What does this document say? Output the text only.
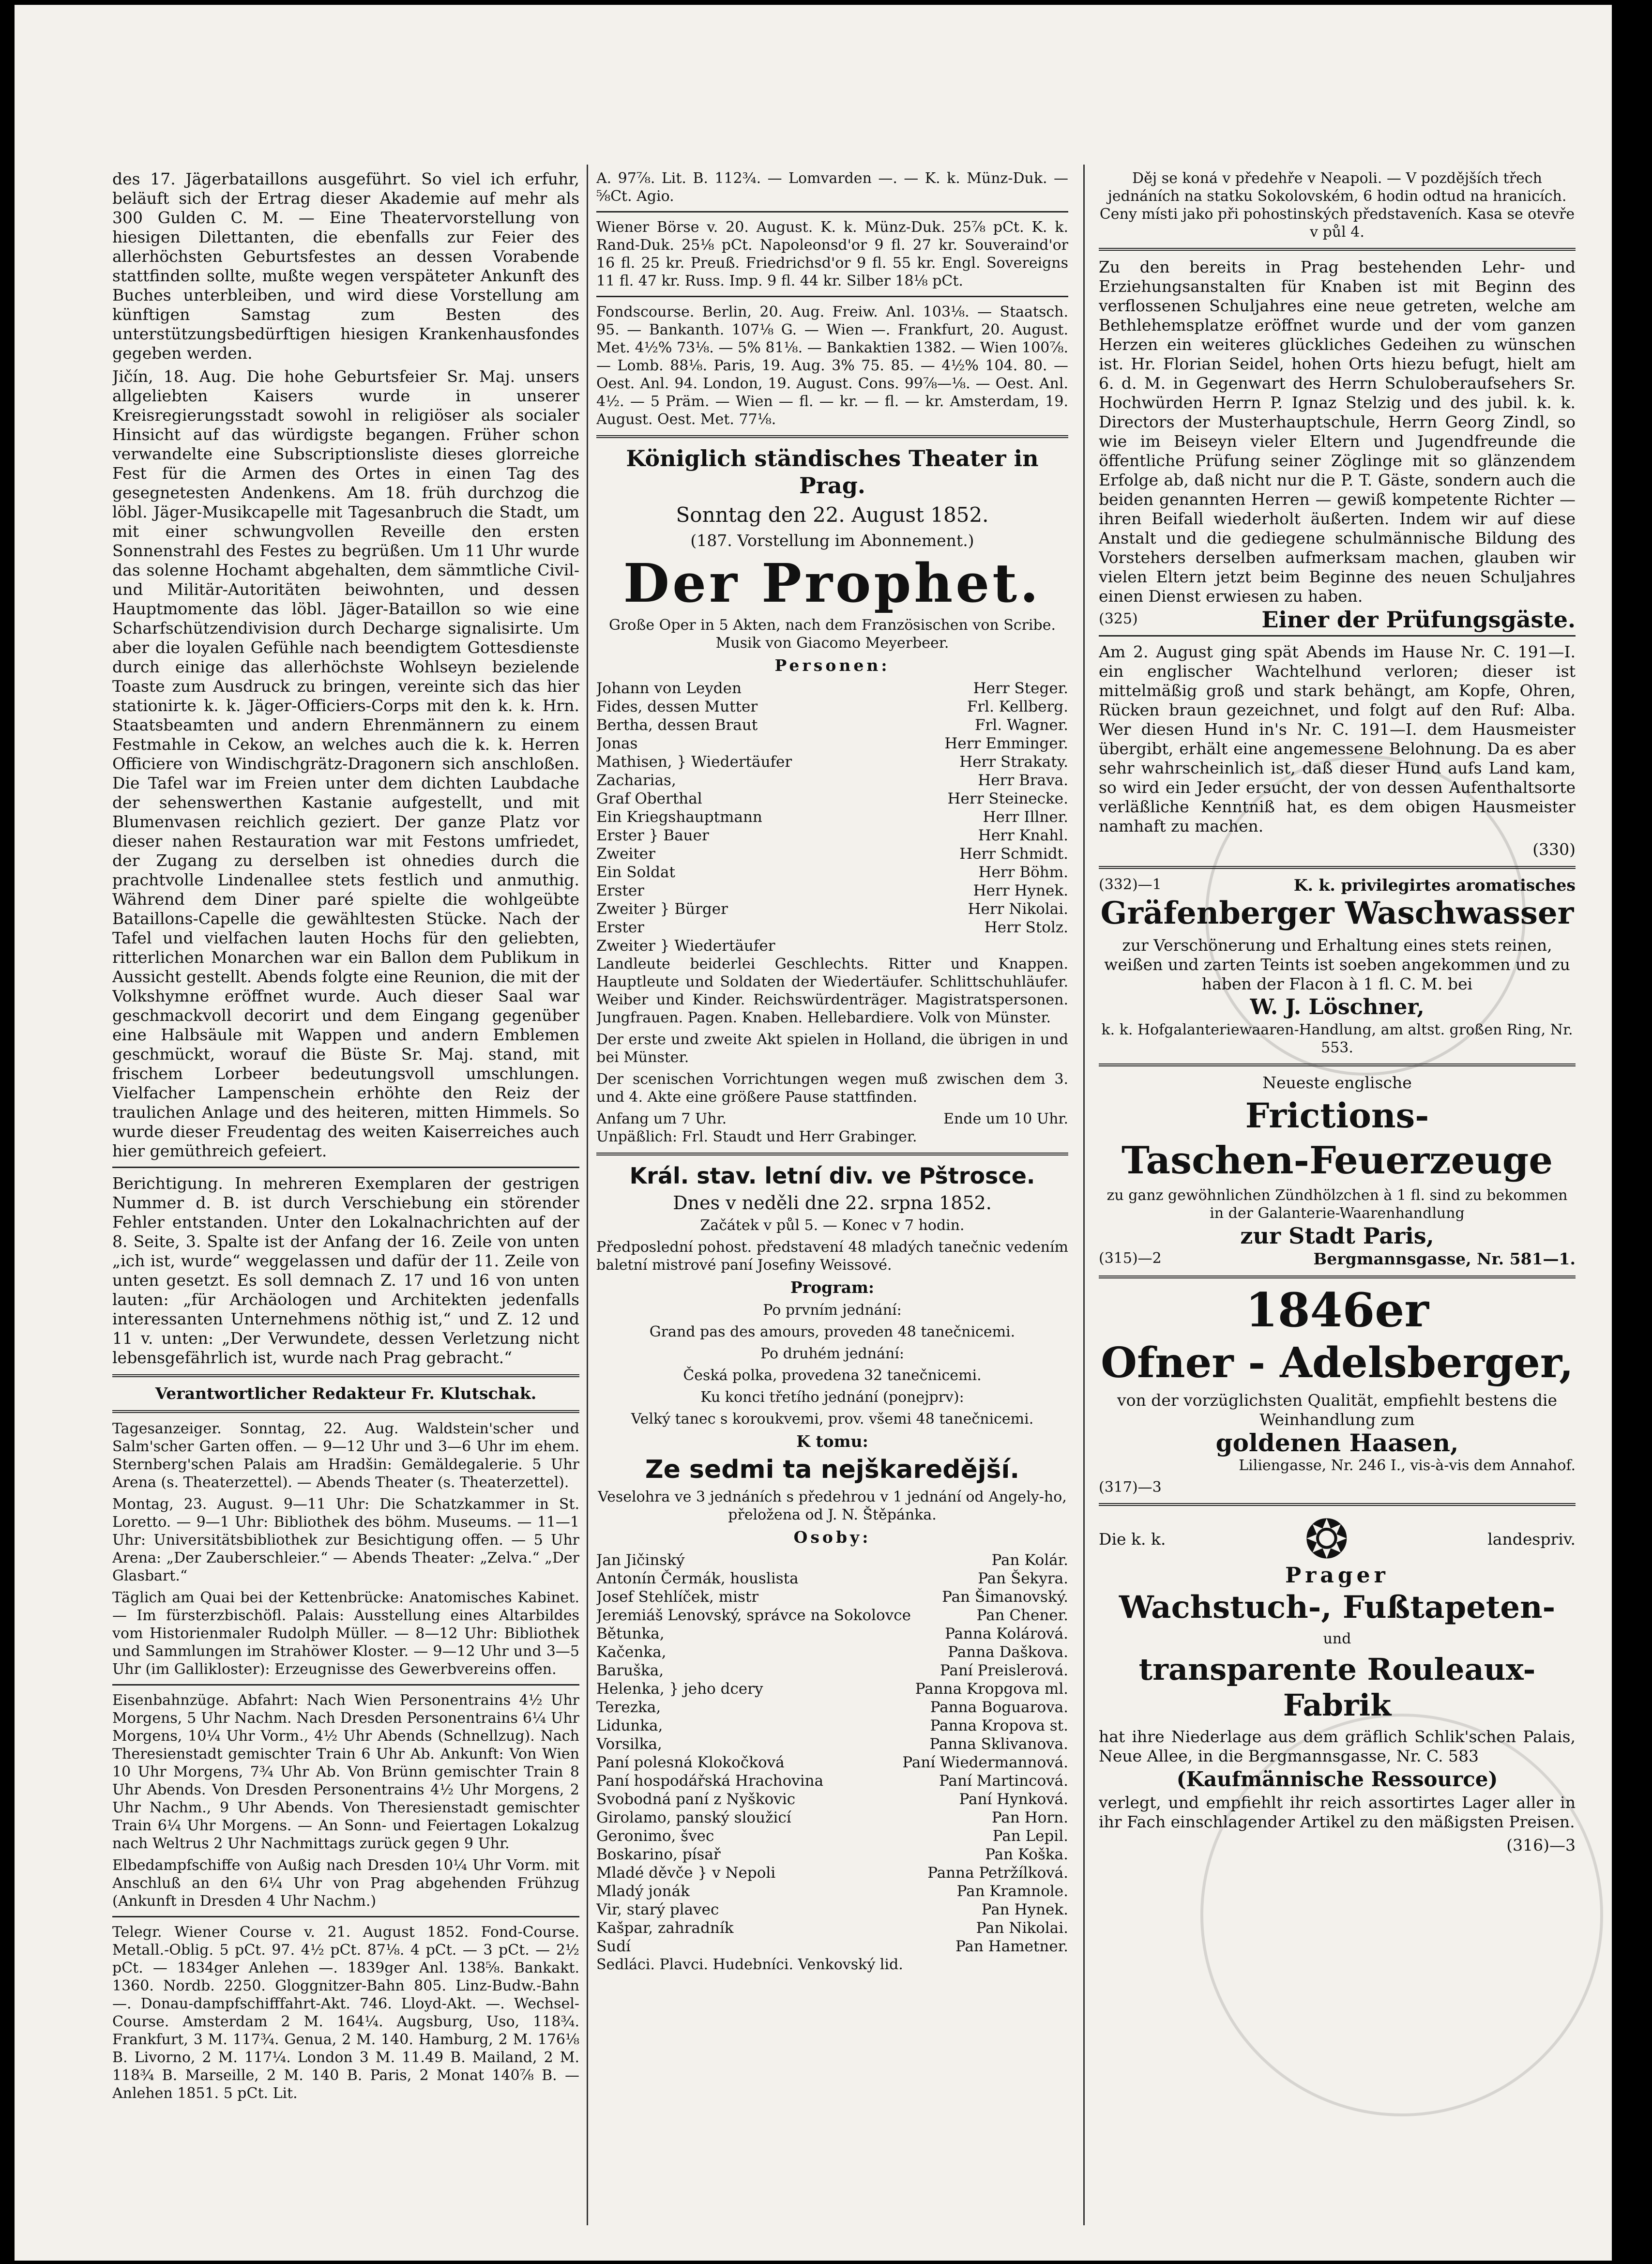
des 17. Jägerbataillons ausgeführt. So viel ich erfuhr, beläuft sich der Ertrag dieser Akademie auf mehr als 300 Gulden C. M. — Eine Theatervorstellung von hiesigen Dilettanten, die ebenfalls zur Feier des allerhöchsten Geburtsfestes an dessen Vorabende stattfinden sollte, mußte wegen verspäteter Ankunft des Buches unterbleiben, und wird diese Vorstellung am künftigen Samstag zum Besten des unterstützungsbedürftigen hiesigen Krankenhausfondes gegeben werden.

Jičín, 18. Aug. Die hohe Geburtsfeier Sr. Maj. unsers allgeliebten Kaisers wurde in unserer Kreisregierungsstadt sowohl in religiöser als socialer Hinsicht auf das würdigste begangen. Früher schon verwandelte eine Subscriptionsliste dieses glorreiche Fest für die Armen des Ortes in einen Tag des gesegnetesten Andenkens. Am 18. früh durchzog die löbl. Jäger-Musikcapelle mit Tagesanbruch die Stadt, um mit einer schwungvollen Reveille den ersten Sonnenstrahl des Festes zu begrüßen. Um 11 Uhr wurde das solenne Hochamt abgehalten, dem sämmtliche Civil- und Militär-Autoritäten beiwohnten, und dessen Hauptmomente das löbl. Jäger-Bataillon so wie eine Scharfschützendivision durch Decharge signalisirte. Um aber die loyalen Gefühle nach beendigtem Gottesdienste durch einige das allerhöchste Wohlseyn bezielende Toaste zum Ausdruck zu bringen, vereinte sich das hier stationirte k. k. Jäger-Officiers-Corps mit den k. k. Hrn. Staatsbeamten und andern Ehrenmännern zu einem Festmahle in Cekow, an welches auch die k. k. Herren Officiere von Windischgrätz-Dragonern sich anschloßen. Die Tafel war im Freien unter dem dichten Laubdache der sehenswerthen Kastanie aufgestellt, und mit Blumenvasen reichlich geziert. Der ganze Platz vor dieser nahen Restauration war mit Festons umfriedet, der Zugang zu derselben ist ohnedies durch die prachtvolle Lindenallee stets festlich und anmuthig. Während dem Diner paré spielte die wohlgeübte Bataillons-Capelle die gewähltesten Stücke. Nach der Tafel und vielfachen lauten Hochs für den geliebten, ritterlichen Monarchen war ein Ballon dem Publikum in Aussicht gestellt. Abends folgte eine Reunion, die mit der Volkshymne eröffnet wurde. Auch dieser Saal war geschmackvoll decorirt und dem Eingang gegenüber eine Halbsäule mit Wappen und andern Emblemen geschmückt, worauf die Büste Sr. Maj. stand, mit frischem Lorbeer bedeutungsvoll umschlungen. Vielfacher Lampenschein erhöhte den Reiz der traulichen Anlage und des heiteren, mitten Himmels. So wurde dieser Freudentag des weiten Kaiserreiches auch hier gemüthreich gefeiert.

Berichtigung. In mehreren Exemplaren der gestrigen Nummer d. B. ist durch Verschiebung ein störender Fehler entstanden. Unter den Lokalnachrichten auf der 8. Seite, 3. Spalte ist der Anfang der 16. Zeile von unten „ich ist, wurde“ weggelassen und dafür der 11. Zeile von unten gesetzt. Es soll demnach Z. 17 und 16 von unten lauten: „für Archäologen und Architekten jedenfalls interessanten Unternehmens nöthig ist,“ und Z. 12 und 11 v. unten: „Der Verwundete, dessen Verletzung nicht lebensgefährlich ist, wurde nach Prag gebracht.“

Verantwortlicher Redakteur Fr. Klutschak.

Tagesanzeiger. Sonntag, 22. Aug. Waldstein'scher und Salm'scher Garten offen. — 9—12 Uhr und 3—6 Uhr im ehem. Sternberg'schen Palais am Hradšin: Gemäldegalerie. 5 Uhr Arena (s. Theaterzettel). — Abends Theater (s. Theaterzettel).

Montag, 23. August. 9—11 Uhr: Die Schatzkammer in St. Loretto. — 9—1 Uhr: Bibliothek des böhm. Museums. — 11—1 Uhr: Universitätsbibliothek zur Besichtigung offen. — 5 Uhr Arena: „Der Zauberschleier.“ — Abends Theater: „Zelva.“ „Der Glasbart.“

Täglich am Quai bei der Kettenbrücke: Anatomisches Kabinet. — Im fürsterzbischöfl. Palais: Ausstellung eines Altarbildes vom Historienmaler Rudolph Müller. — 8—12 Uhr: Bibliothek und Sammlungen im Strahöwer Kloster. — 9—12 Uhr und 3—5 Uhr (im Gallikloster): Erzeugnisse des Gewerbvereins offen.

Eisenbahnzüge. Abfahrt: Nach Wien Personentrains 4½ Uhr Morgens, 5 Uhr Nachm. Nach Dresden Personentrains 6¼ Uhr Morgens, 10¼ Uhr Vorm., 4½ Uhr Abends (Schnellzug). Nach Theresienstadt gemischter Train 6 Uhr Ab. Ankunft: Von Wien 10 Uhr Morgens, 7¾ Uhr Ab. Von Brünn gemischter Train 8 Uhr Abends. Von Dresden Personentrains 4½ Uhr Morgens, 2 Uhr Nachm., 9 Uhr Abends. Von Theresienstadt gemischter Train 6¼ Uhr Morgens. — An Sonn- und Feiertagen Lokalzug nach Weltrus 2 Uhr Nachmittags zurück gegen 9 Uhr.

Elbedampfschiffe von Außig nach Dresden 10¼ Uhr Vorm. mit Anschluß an den 6¼ Uhr von Prag abgehenden Frühzug (Ankunft in Dresden 4 Uhr Nachm.)

Telegr. Wiener Course v. 21. August 1852. Fond-Course. Metall.-Oblig. 5 pCt. 97. 4½ pCt. 87⅛. 4 pCt. — 3 pCt. — 2½ pCt. — 1834ger Anlehen —. 1839ger Anl. 138⅝. Bankakt. 1360. Nordb. 2250. Gloggnitzer-Bahn 805. Linz-Budw.-Bahn —. Donau-dampfschifffahrt-Akt. 746. Lloyd-Akt. —. Wechsel-Course. Amsterdam 2 M. 164¼. Augsburg, Uso, 118¾. Frankfurt, 3 M. 117¾. Genua, 2 M. 140. Hamburg, 2 M. 176⅛ B. Livorno, 2 M. 117¼. London 3 M. 11.49 B. Mailand, 2 M. 118¾ B. Marseille, 2 M. 140 B. Paris, 2 Monat 140⅞ B. — Anlehen 1851. 5 pCt. Lit.

A. 97⅞. Lit. B. 112¾. — Lomvarden —. — K. k. Münz-Duk. —⅝Ct. Agio.

Wiener Börse v. 20. August. K. k. Münz-Duk. 25⅞ pCt. K. k. Rand-Duk. 25⅛ pCt. Napoleonsd'or 9 fl. 27 kr. Souveraind'or 16 fl. 25 kr. Preuß. Friedrichsd'or 9 fl. 55 kr. Engl. Sovereigns 11 fl. 47 kr. Russ. Imp. 9 fl. 44 kr. Silber 18⅛ pCt.

Fondscourse. Berlin, 20. Aug. Freiw. Anl. 103⅛. — Staatsch. 95. — Bankanth. 107⅛ G. — Wien —. Frankfurt, 20. August. Met. 4½% 73⅛. — 5% 81⅛. — Bankaktien 1382. — Wien 100⅞. — Lomb. 88⅛. Paris, 19. Aug. 3% 75. 85. — 4½% 104. 80. — Oest. Anl. 94. London, 19. August. Cons. 99⅞—⅛. — Oest. Anl. 4½. — 5 Präm. — Wien — fl. — kr. — fl. — kr. Amsterdam, 19. August. Oest. Met. 77⅛.

Königlich ständisches Theater in Prag.

Sonntag den 22. August 1852.

(187. Vorstellung im Abonnement.)

Der Prophet.

Große Oper in 5 Akten, nach dem Französischen von Scribe. Musik von Giacomo Meyerbeer.

Personen:

Johann von Leyden	Herr Steger.
Fides, dessen Mutter	Frl. Kellberg.
Bertha, dessen Braut	Frl. Wagner.
Jonas	Herr Emminger.
Mathisen, } Wiedertäufer	Herr Strakaty.
Zacharias,	Herr Brava.
Graf Oberthal	Herr Steinecke.
Ein Kriegshauptmann	Herr Illner.
Erster } Bauer	Herr Knahl.
Zweiter	Herr Schmidt.
Ein Soldat	Herr Böhm.
Erster	Herr Hynek.
Zweiter } Bürger	Herr Nikolai.
Erster	Herr Stolz.
Zweiter } Wiedertäufer

Landleute beiderlei Geschlechts. Ritter und Knappen. Hauptleute und Soldaten der Wiedertäufer. Schlittschuhläufer. Weiber und Kinder. Reichswürdenträger. Magistratspersonen. Jungfrauen. Pagen. Knaben. Hellebardiere. Volk von Münster.

Der erste und zweite Akt spielen in Holland, die übrigen in und bei Münster.

Der scenischen Vorrichtungen wegen muß zwischen dem 3. und 4. Akte eine größere Pause stattfinden.

Anfang um 7 Uhr.	Ende um 10 Uhr.

Unpäßlich: Frl. Staudt und Herr Grabinger.

Král. stav. letní div. ve Pštrosce.

Dnes v neděli dne 22. srpna 1852.

Začátek v půl 5. — Konec v 7 hodin.

Předposlední pohost. představení 48 mladých tanečnic vedením baletní mistrové paní Josefiny Weissové.

Program:

Po prvním jednání:

Grand pas des amours, proveden 48 tanečnicemi.

Po druhém jednání:

Česká polka, provedena 32 tanečnicemi.

Ku konci třetího jednání (ponejprv):

Velký tanec s koroukvemi, prov. všemi 48 tanečnicemi.

K tomu:

Ze sedmi ta nejškaredější.

Veselohra ve 3 jednáních s předehrou v 1 jednání od Angely-ho, přeložena od J. N. Štěpánka.

Osoby:

Jan Jičinský	Pan Kolár.
Antonín Čermák, houslista	Pan Šekyra.
Josef Stehlíček, mistr	Pan Šimanovský.
Jeremiáš Lenovský, správce na Sokolovce	Pan Chener.
Bětunka,	Panna Kolárová.
Kačenka,	Panna Daškova.
Baruška,	Paní Preislerová.
Helenka, } jeho dcery	Panna Kropgova ml.
Terezka,	Panna Boguarova.
Lidunka,	Panna Kropova st.
Vorsilka,	Panna Sklivanova.
Paní polesná Klokočková	Paní Wiedermannová.
Paní hospodářská Hrachovina	Paní Martincová.
Svobodná paní z Nyškovic	Paní Hynková.
Girolamo, panský sloužicí	Pan Horn.
Geronimo, švec	Pan Lepil.
Boskarino, písař	Pan Koška.
Mladé děvče } v Nepoli	Panna Petržílková.
Mladý jonák	Pan Kramnole.
Vir, starý plavec	Pan Hynek.
Kašpar, zahradník	Pan Nikolai.
Sudí	Pan Hametner.

Sedláci. Plavci. Hudebníci. Venkovský lid.

Děj se koná v předehře v Neapoli. — V pozdějších třech jednáních na statku Sokolovském, 6 hodin odtud na hranicích. Ceny místi jako při pohostinských představeních. Kasa se otevře v půl 4.

Zu den bereits in Prag bestehenden Lehr- und Erziehungsanstalten für Knaben ist mit Beginn des verflossenen Schuljahres eine neue getreten, welche am Bethlehemsplatze eröffnet wurde und der vom ganzen Herzen ein weiteres glückliches Gedeihen zu wünschen ist. Hr. Florian Seidel, hohen Orts hiezu befugt, hielt am 6. d. M. in Gegenwart des Herrn Schuloberaufsehers Sr. Hochwürden Herrn P. Ignaz Stelzig und des jubil. k. k. Directors der Musterhauptschule, Herrn Georg Zindl, so wie im Beiseyn vieler Eltern und Jugendfreunde die öffentliche Prüfung seiner Zöglinge mit so glänzendem Erfolge ab, daß nicht nur die P. T. Gäste, sondern auch die beiden genannten Herren — gewiß kompetente Richter — ihren Beifall wiederholt äußerten. Indem wir auf diese Anstalt und die gediegene schulmännische Bildung des Vorstehers derselben aufmerksam machen, glauben wir vielen Eltern jetzt beim Beginne des neuen Schuljahres einen Dienst erwiesen zu haben.

(325)	Einer der Prüfungsgäste.

Am 2. August ging spät Abends im Hause Nr. C. 191—I. ein englischer Wachtelhund verloren; dieser ist mittelmäßig groß und stark behängt, am Kopfe, Ohren, Rücken braun gezeichnet, und folgt auf den Ruf: Alba. Wer diesen Hund in's Nr. C. 191—I. dem Hausmeister übergibt, erhält eine angemessene Belohnung. Da es aber sehr wahrscheinlich ist, daß dieser Hund aufs Land kam, so wird ein Jeder ersucht, der von dessen Aufenthaltsorte verläßliche Kenntniß hat, es dem obigen Hausmeister namhaft zu machen.

(330)

(332)—1	K. k. privilegirtes aromatisches

Gräfenberger Waschwasser

zur Verschönerung und Erhaltung eines stets reinen, weißen und zarten Teints ist soeben angekommen und zu haben der Flacon à 1 fl. C. M. bei

W. J. Löschner,

k. k. Hofgalanteriewaaren-Handlung, am altst. großen Ring, Nr. 553.

Neueste englische

Frictions-

Taschen-Feuerzeuge

zu ganz gewöhnlichen Zündhölzchen à 1 fl. sind zu bekommen in der Galanterie-Waarenhandlung

zur Stadt Paris,

(315)—2	Bergmannsgasse, Nr. 581—1.

1846er

Ofner - Adelsberger,

von der vorzüglichsten Qualität, empfiehlt bestens die Weinhandlung zum

goldenen Haasen,

Liliengasse, Nr. 246 I., vis-à-vis dem Annahof.

(317)—3

Die k. k.	❂	landespriv.

Prager

Wachstuch-, Fußtapeten-

und

transparente Rouleaux-Fabrik

hat ihre Niederlage aus dem gräflich Schlik'schen Palais, Neue Allee, in die Bergmannsgasse, Nr. C. 583

(Kaufmännische Ressource)

verlegt, und empfiehlt ihr reich assortirtes Lager aller in ihr Fach einschlagender Artikel zu den mäßigsten Preisen.

(316)—3
